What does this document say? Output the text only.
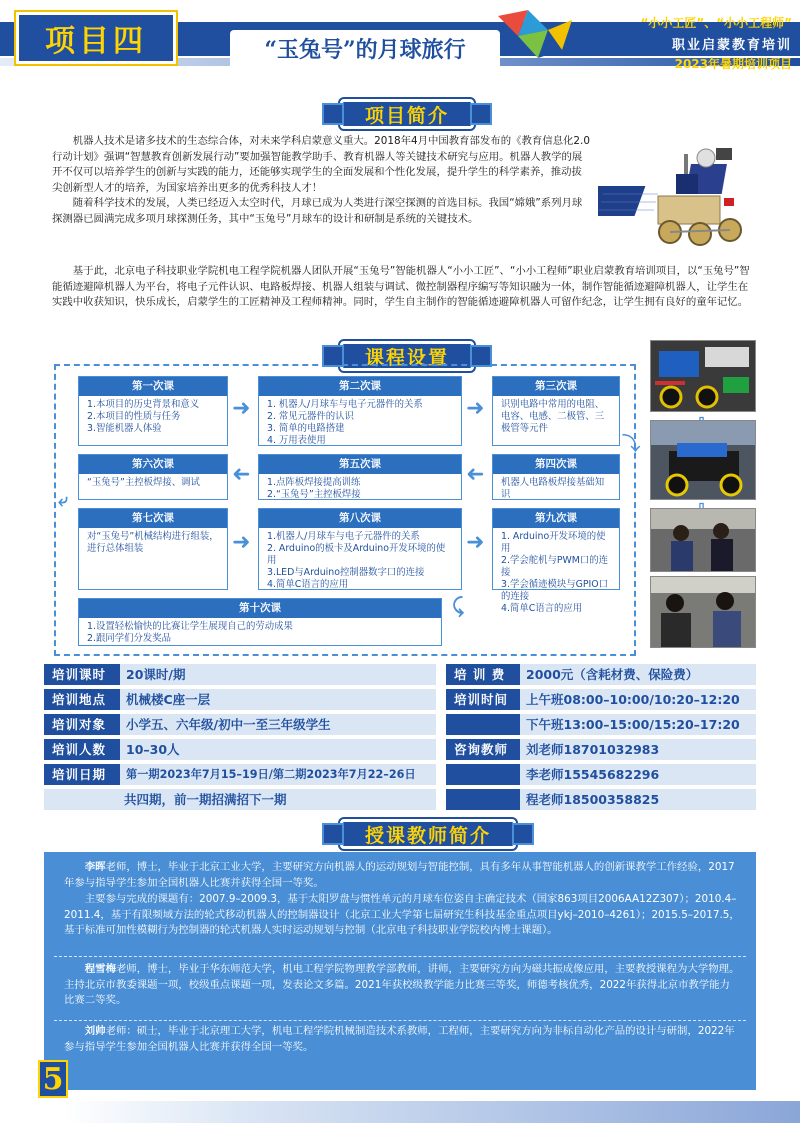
项目四	“玉兔号”的月球旅行
“小小工匠”、“小小工程师”
职业启蒙教育培训
2023年暑期培训项目
项目简介

机器人技术是诸多技术的生态综合体，对未来学科启蒙意义重大。2018年4月中国教育部发布的《教育信息化2.0行动计划》强调“智慧教育创新发展行动”要加强智能教学助手、教育机器人等关键技术研究与应用。机器人教学的展开不仅可以培养学生的创新与实践的能力，还能够实现学生的全面发展和个性化发展，提升学生的科学素养，推动拔尖创新型人才的培养，为国家培养出更多的优秀科技人才！

随着科学技术的发展，人类已经迈入太空时代，月球已成为人类进行深空探测的首选目标。我国“嫦娥”系列月球探测器已圆满完成多项月球探测任务，其中“玉兔号”月球车的设计和研制是系统的关键技术。

基于此，北京电子科技职业学院机电工程学院机器人团队开展“玉兔号”智能机器人“小小工匠”、“小小工程师”职业启蒙教育培训项目，以“玉兔号”智能循迹避障机器人为平台，将电子元件认识、电路板焊接、机器人组装与调试、微控制器程序编写等知识融为一体，制作智能循迹避障机器人，让学生在实践中收获知识，快乐成长，启蒙学生的工匠精神及工程师精神。同时，学生自主制作的智能循迹避障机器人可留作纪念，让学生拥有良好的童年记忆。

课程设置
第一次课
1.本项目的历史背景和意义
2.本项目的性质与任务
3.智能机器人体验
➜
第二次课
1. 机器人/月球车与电子元器件的关系
2. 常见元器件的认识
3. 简单的电路搭建
4. 万用表使用
➜
第三次课
识别电路中常用的电阻、电容、电感、二极管、三极管等元件
⤵
第四次课
机器人电路板焊接基础知识
➜
第五次课
1.点阵板焊接提高训练
2.“玉兔号”主控板焊接
➜
第六次课
“玉兔号”主控板焊接、调试
⤶
第七次课
对“玉兔号”机械结构进行组装，进行总体组装	➜
第八次课
1.机器人/月球车与电子元器件的关系
2. Arduino的板卡及Arduino开发环境的使用
3.LED与Arduino控制器数字口的连接
4.简单C语言的应用
➜
第九次课
1. Arduino开发环境的使用
2.学会舵机与PWM口的连接
3.学会循迹模块与GPIO口的连接
4.简单C语言的应用
⤹
第十次课
1.设置轻松愉快的比赛让学生展现自己的劳动成果
2.跟同学们分发奖品
培训课时	20课时/期
培训地点	机械楼C座一层
培训对象	小学五、六年级/初中一至三年级学生
培训人数	10–30人
培训日期	第一期2023年7月15–19日/第二期2023年7月22–26日
共四期，前一期招满招下一期
培 训 费	2000元（含耗材费、保险费）
培训时间	上午班08:00–10:00/10:20–12:20
下午班13:00–15:00/15:20–17:20
咨询教师	刘老师18701032983
李老师15545682296
程老师18500358825
授课教师简介

李晖老师，博士，毕业于北京工业大学，主要研究方向机器人的运动规划与智能控制，具有多年从事智能机器人的创新课教学工作经验，2017年参与指导学生参加全国机器人比赛并获得全国一等奖。

主要参与完成的课题有：2007.9–2009.3，基于太阳罗盘与惯性单元的月球车位姿自主确定技术（国家863项目2006AA12Z307）；2010.4–2011.4，基于有限频域方法的轮式移动机器人的控制器设计（北京工业大学第七届研究生科技基金重点项目ykj–2010–4261）；2015.5–2017.5，基于标准可加性模糊行为控制器的轮式机器人实时运动规划与控制（北京电子科技职业学院校内博士课题）。

程雪梅老师，博士，毕业于华东师范大学，机电工程学院物理教学部教师，讲师，主要研究方向为磁共振成像应用，主要教授课程为大学物理。主持北京市教委课题一项，校级重点课题一项，发表论文多篇。2021年获校级教学能力比赛三等奖，师德考核优秀，2022年获得北京市教学能力比赛二等奖。

刘帅老师：硕士，毕业于北京理工大学，机电工程学院机械制造技术系教师，工程师，主要研究方向为非标自动化产品的设计与研制，2022年参与指导学生参加全国机器人比赛并获得全国一等奖。

5
